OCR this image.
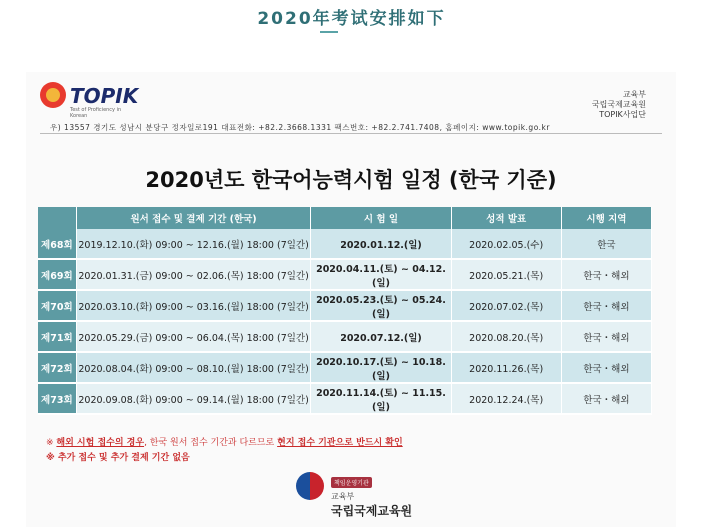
2020年考试安排如下
TOPIK
Test of Proficiency in Korean
교육부
국립국제교육원
TOPIK사업단
우) 13557 경기도 성남시 분당구 정자일로191 대표전화: +82.2.3668.1331 팩스번호: +82.2.741.7408, 홈페이지: www.topik.go.kr
2020년도 한국어능력시험 일정 (한국 기준)
	원서 접수 및 결제 기간 (한국)	시 험 일	성적 발표	시행 지역
제68회	2019.12.10.(화) 09:00 ~ 12.16.(월) 18:00 (7일간)	2020.01.12.(일)	2020.02.05.(수)	한국
제69회	2020.01.31.(금) 09:00 ~ 02.06.(목) 18:00 (7일간)	2020.04.11.(토) ~ 04.12.(일)	2020.05.21.(목)	한국・해외
제70회	2020.03.10.(화) 09:00 ~ 03.16.(월) 18:00 (7일간)	2020.05.23.(토) ~ 05.24.(일)	2020.07.02.(목)	한국・해외
제71회	2020.05.29.(금) 09:00 ~ 06.04.(목) 18:00 (7일간)	2020.07.12.(일)	2020.08.20.(목)	한국・해외
제72회	2020.08.04.(화) 09:00 ~ 08.10.(월) 18:00 (7일간)	2020.10.17.(토) ~ 10.18.(일)	2020.11.26.(목)	한국・해외
제73회	2020.09.08.(화) 09:00 ~ 09.14.(월) 18:00 (7일간)	2020.11.14.(토) ~ 11.15.(일)	2020.12.24.(목)	한국・해외
※ 해외 시험 접수의 경우, 한국 원서 접수 기간과 다르므로 현지 접수 기관으로 반드시 확인
※ 추가 접수 및 추가 결제 기간 없음
책임운영기관
교육부
국립국제교육원
